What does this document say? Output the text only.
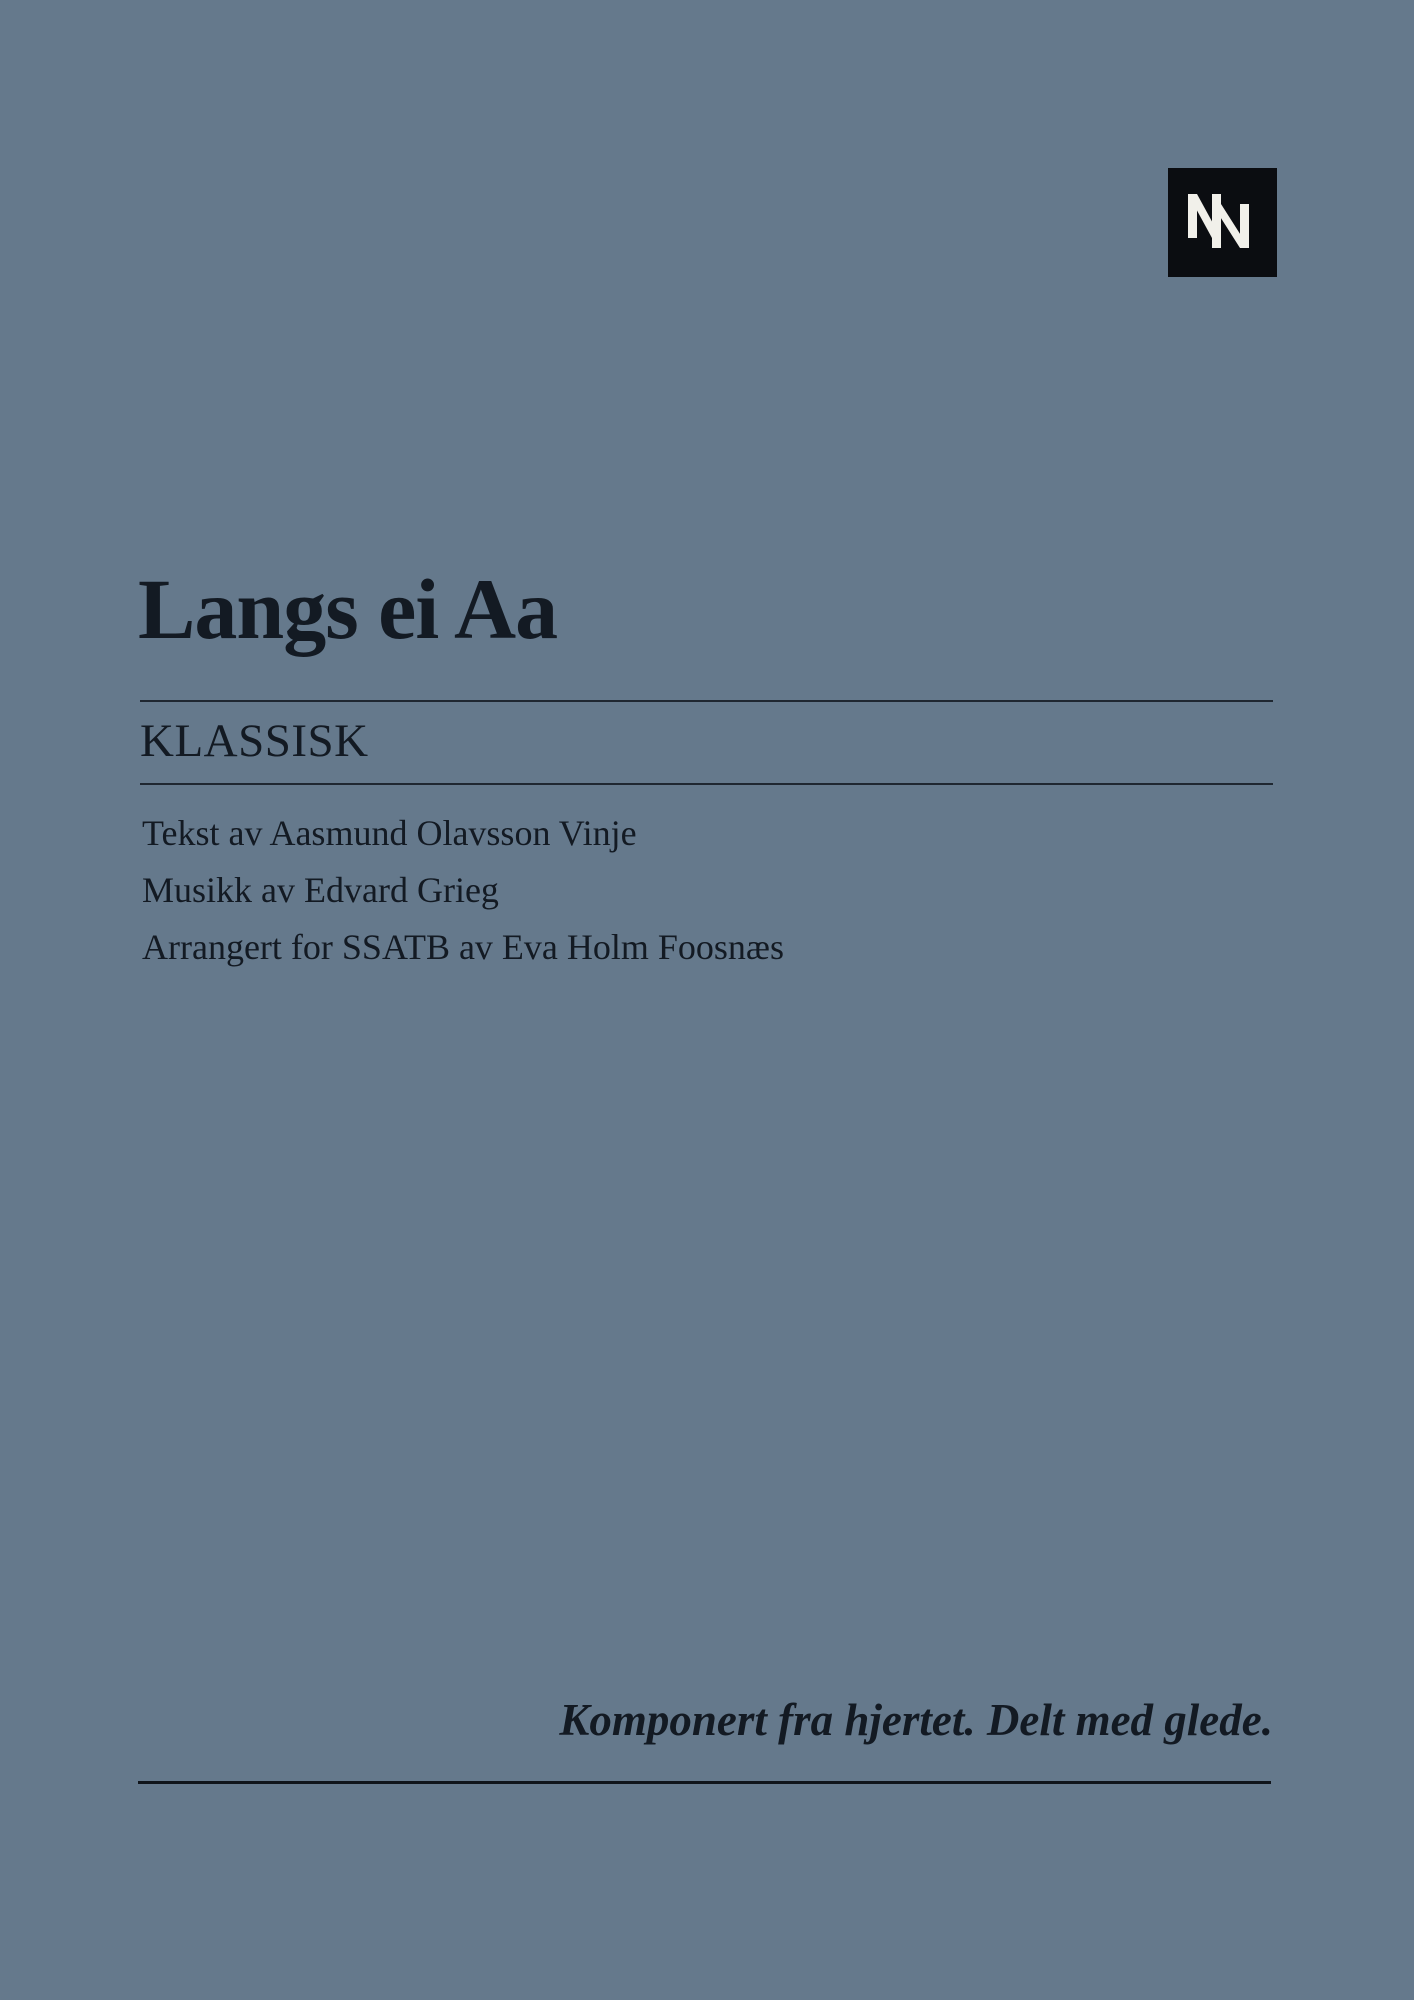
Langs ei Aa
KLASSISK
Tekst av Aasmund Olavsson Vinje
Musikk av Edvard Grieg
Arrangert for SSATB av Eva Holm Foosnæs
Komponert fra hjertet. Delt med glede.
